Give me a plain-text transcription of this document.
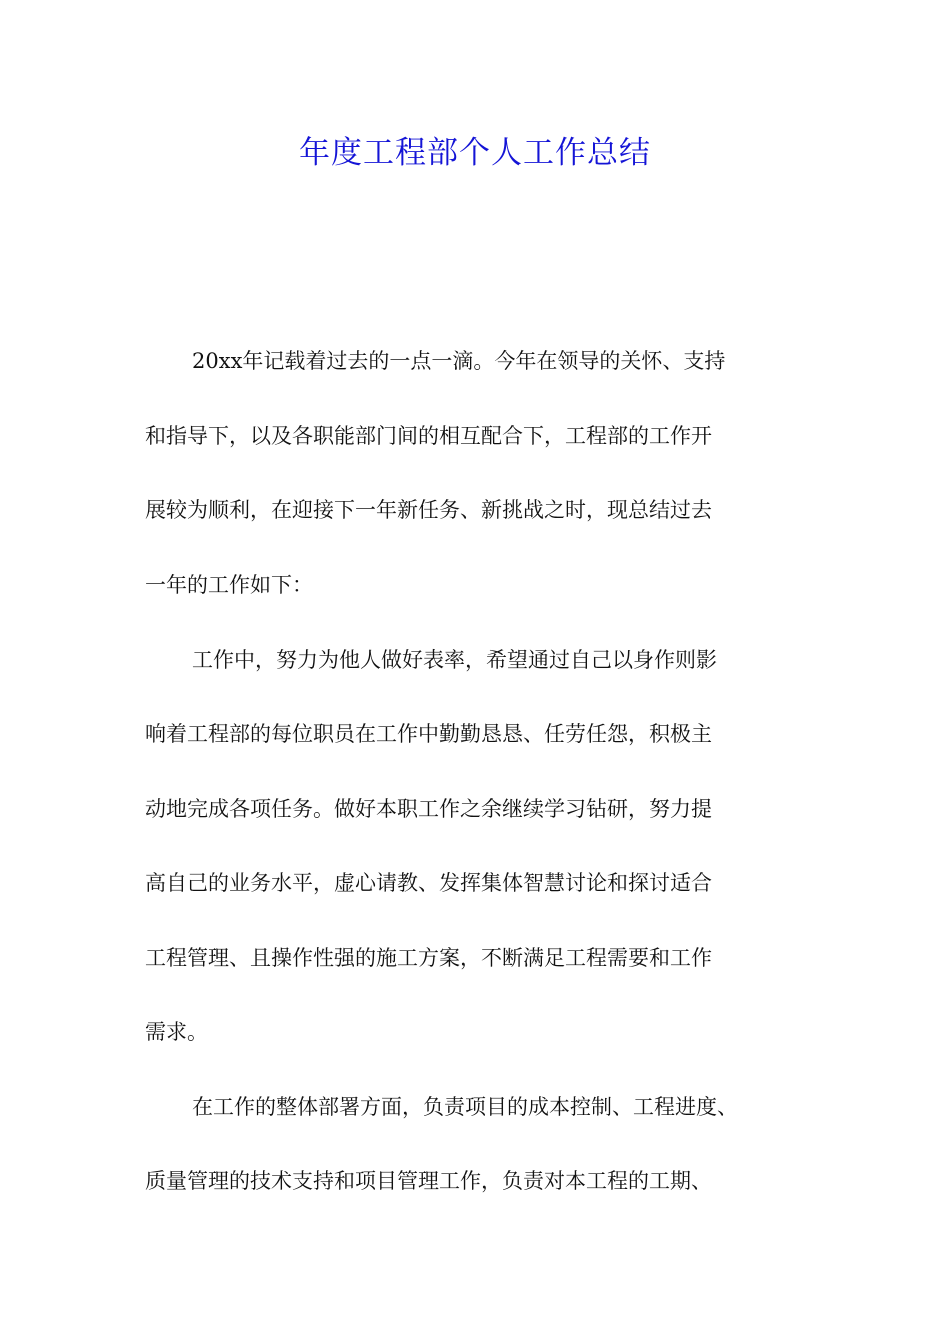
年度工程部个人工作总结
20xx年记载着过去的一点一滴。今年在领导的关怀、支持
和指导下，以及各职能部门间的相互配合下，工程部的工作开
展较为顺利，在迎接下一年新任务、新挑战之时，现总结过去
一年的工作如下：
工作中，努力为他人做好表率，希望通过自己以身作则影
响着工程部的每位职员在工作中勤勤恳恳、任劳任怨，积极主
动地完成各项任务。做好本职工作之余继续学习钻研，努力提
高自己的业务水平，虚心请教、发挥集体智慧讨论和探讨适合
工程管理、且操作性强的施工方案，不断满足工程需要和工作
需求。
在工作的整体部署方面，负责项目的成本控制、工程进度、
质量管理的技术支持和项目管理工作，负责对本工程的工期、
